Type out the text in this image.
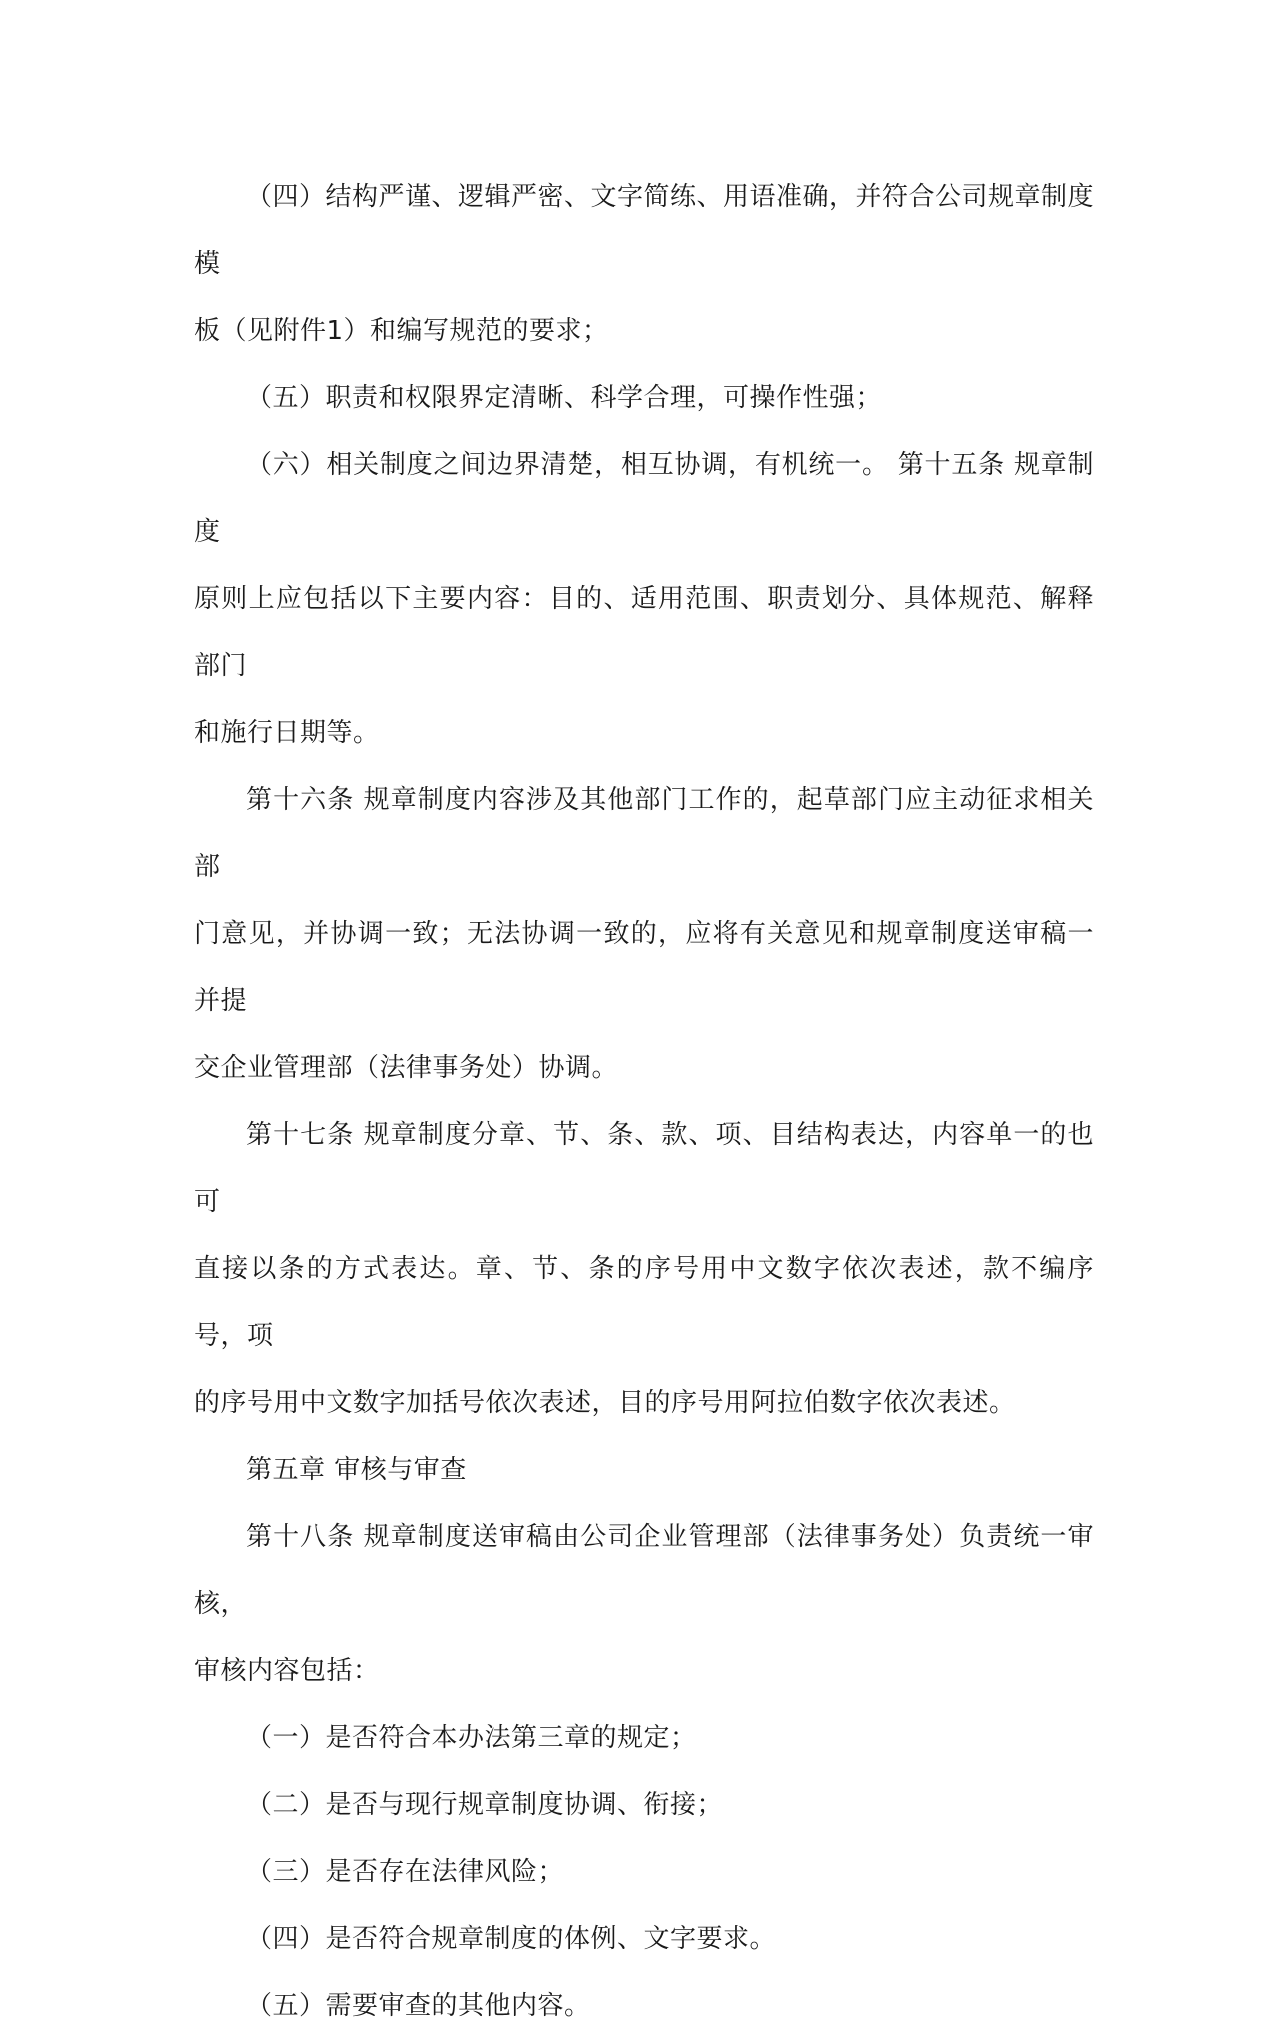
（四）结构严谨、逻辑严密、文字简练、用语准确，并符合公司规章制度模
板（见附件1）和编写规范的要求；

（五）职责和权限界定清晰、科学合理，可操作性强；

（六）相关制度之间边界清楚，相互协调，有机统一。 第十五条 规章制度
原则上应包括以下主要内容：目的、适用范围、职责划分、具体规范、解释部门
和施行日期等。

第十六条 规章制度内容涉及其他部门工作的，起草部门应主动征求相关部
门意见，并协调一致；无法协调一致的，应将有关意见和规章制度送审稿一并提
交企业管理部（法律事务处）协调。

第十七条 规章制度分章、节、条、款、项、目结构表达，内容单一的也可
直接以条的方式表达。章、节、条的序号用中文数字依次表述，款不编序号，项
的序号用中文数字加括号依次表述，目的序号用阿拉伯数字依次表述。

第五章 审核与审查

第十八条 规章制度送审稿由公司企业管理部（法律事务处）负责统一审核，
审核内容包括：

（一）是否符合本办法第三章的规定；

（二）是否与现行规章制度协调、衔接；

（三）是否存在法律风险；

（四）是否符合规章制度的体例、文字要求。

（五）需要审查的其他内容。
